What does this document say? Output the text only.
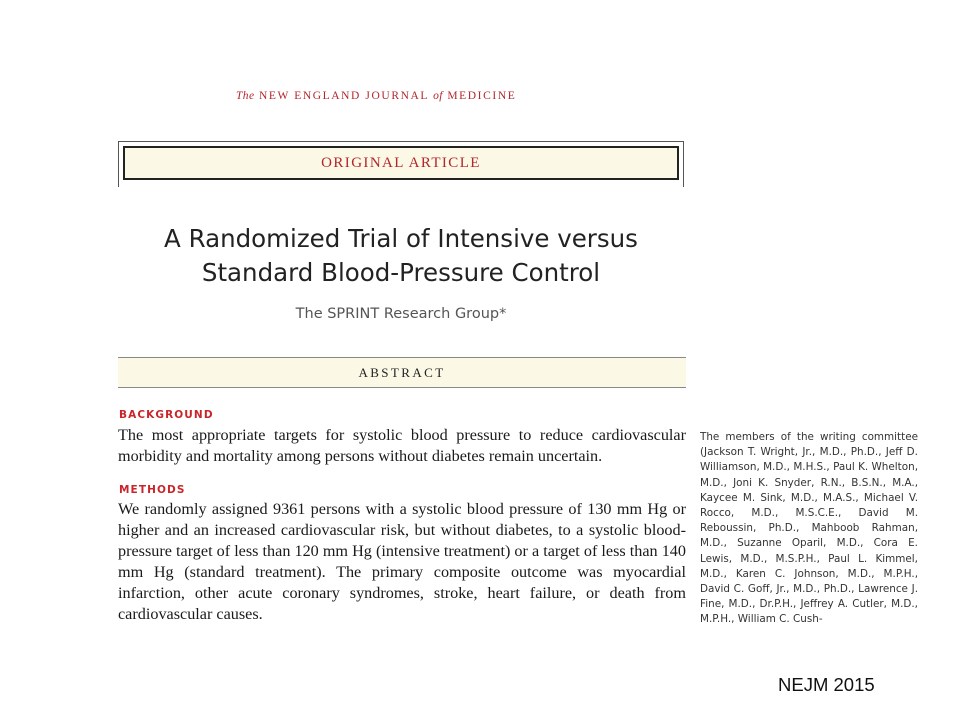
The NEW ENGLAND JOURNAL of MEDICINE
ORIGINAL ARTICLE
A Randomized Trial of Intensive versus
Standard Blood-Pressure Control
The SPRINT Research Group*
ABSTRACT
BACKGROUND
The most appropriate targets for systolic blood pressure to reduce cardiovascular morbidity and mortality among persons without diabetes remain uncertain.
METHODS
We randomly assigned 9361 persons with a systolic blood pressure of 130 mm Hg or higher and an increased cardiovascular risk, but without diabetes, to a systolic blood-pressure target of less than 120 mm Hg (intensive treatment) or a target of less than 140 mm Hg (standard treatment). The primary composite outcome was myocardial infarction, other acute coronary syndromes, stroke, heart failure, or death from cardiovascular causes.
The members of the writing committee (Jackson T. Wright, Jr., M.D., Ph.D., Jeff D. Williamson, M.D., M.H.S., Paul K. Whelton, M.D., Joni K. Snyder, R.N., B.S.N., M.A., Kaycee M. Sink, M.D., M.A.S., Michael V. Rocco, M.D., M.S.C.E., David M. Reboussin, Ph.D., Mahboob Rahman, M.D., Suzanne Oparil, M.D., Cora E. Lewis, M.D., M.S.P.H., Paul L. Kimmel, M.D., Karen C. Johnson, M.D., M.P.H., David C. Goff, Jr., M.D., Ph.D., Lawrence J. Fine, M.D., Dr.P.H., Jeffrey A. Cutler, M.D., M.P.H., William C. Cush-
NEJM 2015
